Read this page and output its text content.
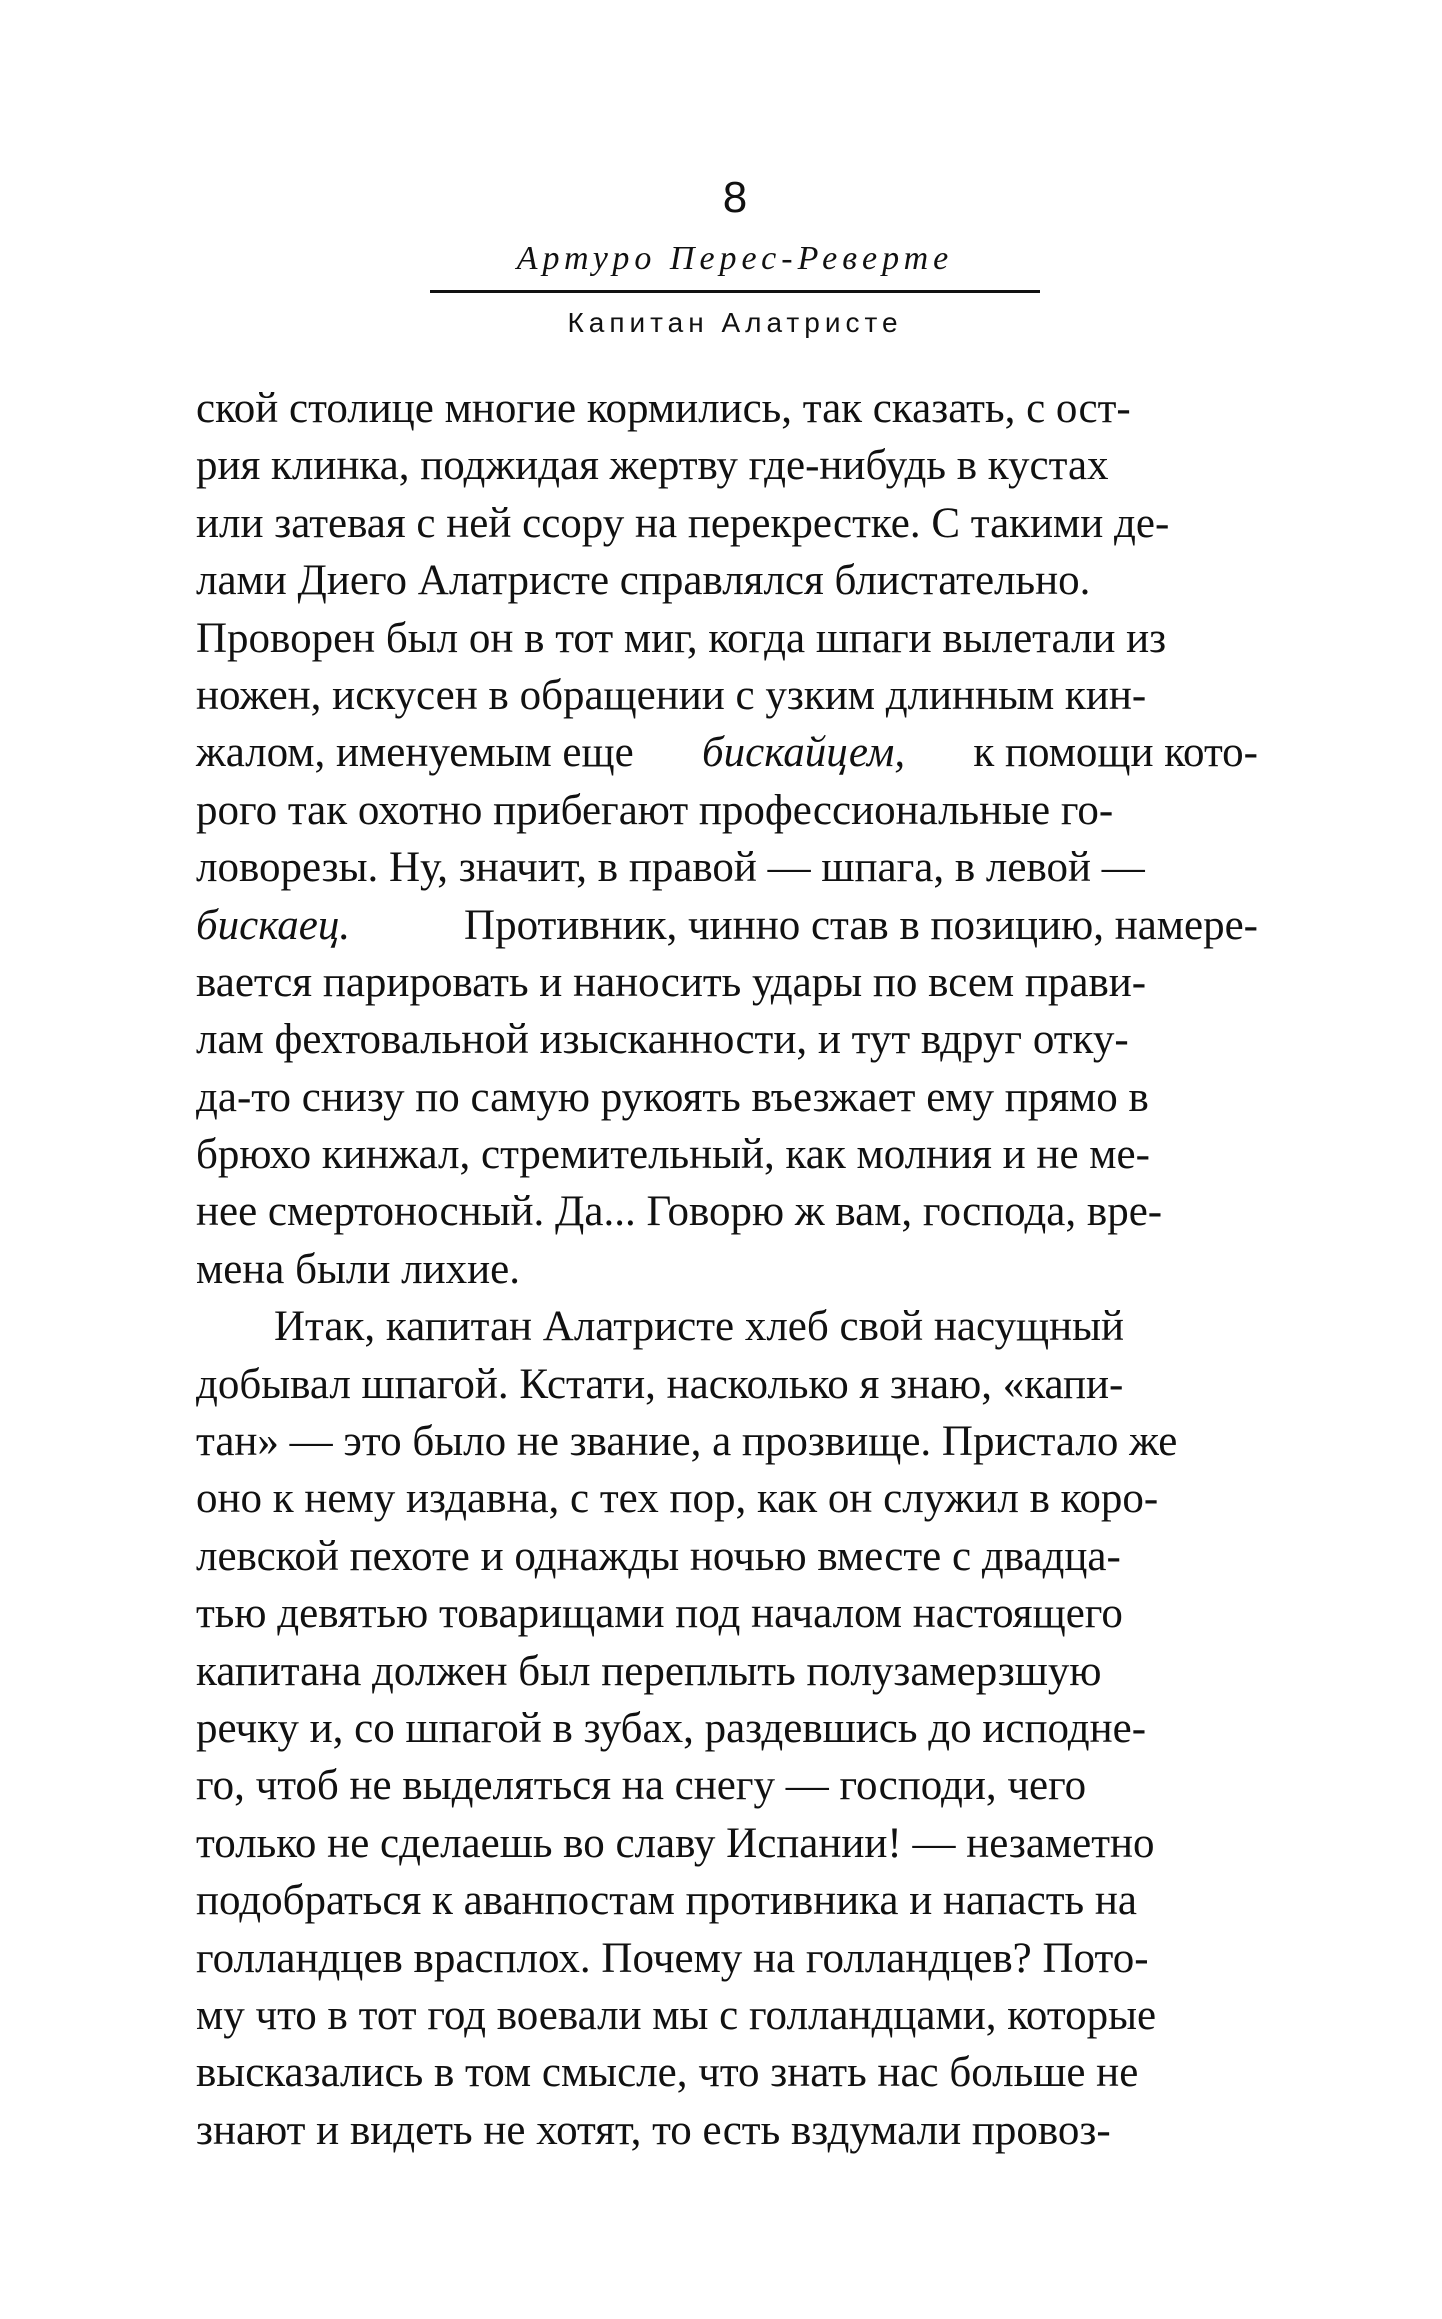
8
Артуро Перес-Реверте
Капитан Алатристе
ской столице многие кормились, так сказать, с ост-
рия клинка, поджидая жертву где-нибудь в кустах
или затевая с ней ссору на перекрестке. С такими де-
лами Диего Алатристе справлялся блистательно.
Проворен был он в тот миг, когда шпаги вылетали из
ножен, искусен в обращении с узким длинным кин-
жалом, именуемым еще бискайцем, к помощи кото-
рого так охотно прибегают профессиональные го-
ловорезы. Ну, значит, в правой — шпага, в левой —
бискаец.	Противник, чинно став в позицию, намере-
вается парировать и наносить удары по всем прави-
лам фехтовальной изысканности, и тут вдруг отку-
да-то снизу по самую рукоять въезжает ему прямо в
брюхо кинжал, стремительный, как молния и не ме-
нее смертоносный. Да... Говорю ж вам, господа, вре-
мена были лихие.
Итак, капитан Алатристе хлеб свой насущный
добывал шпагой. Кстати, насколько я знаю, «капи-
тан» — это было не звание, а прозвище. Пристало же
оно к нему издавна, с тех пор, как он служил в коро-
левской пехоте и однажды ночью вместе с двадца-
тью девятью товарищами под началом настоящего
капитана должен был переплыть полузамерзшую
речку и, со шпагой в зубах, раздевшись до исподне-
го, чтоб не выделяться на снегу — господи, чего
только не сделаешь во славу Испании! — незаметно
подобраться к аванпостам противника и напасть на
голландцев врасплох. Почему на голландцев? Пото-
му что в тот год воевали мы с голландцами, которые
высказались в том смысле, что знать нас больше не
знают и видеть не хотят, то есть вздумали провоз-
